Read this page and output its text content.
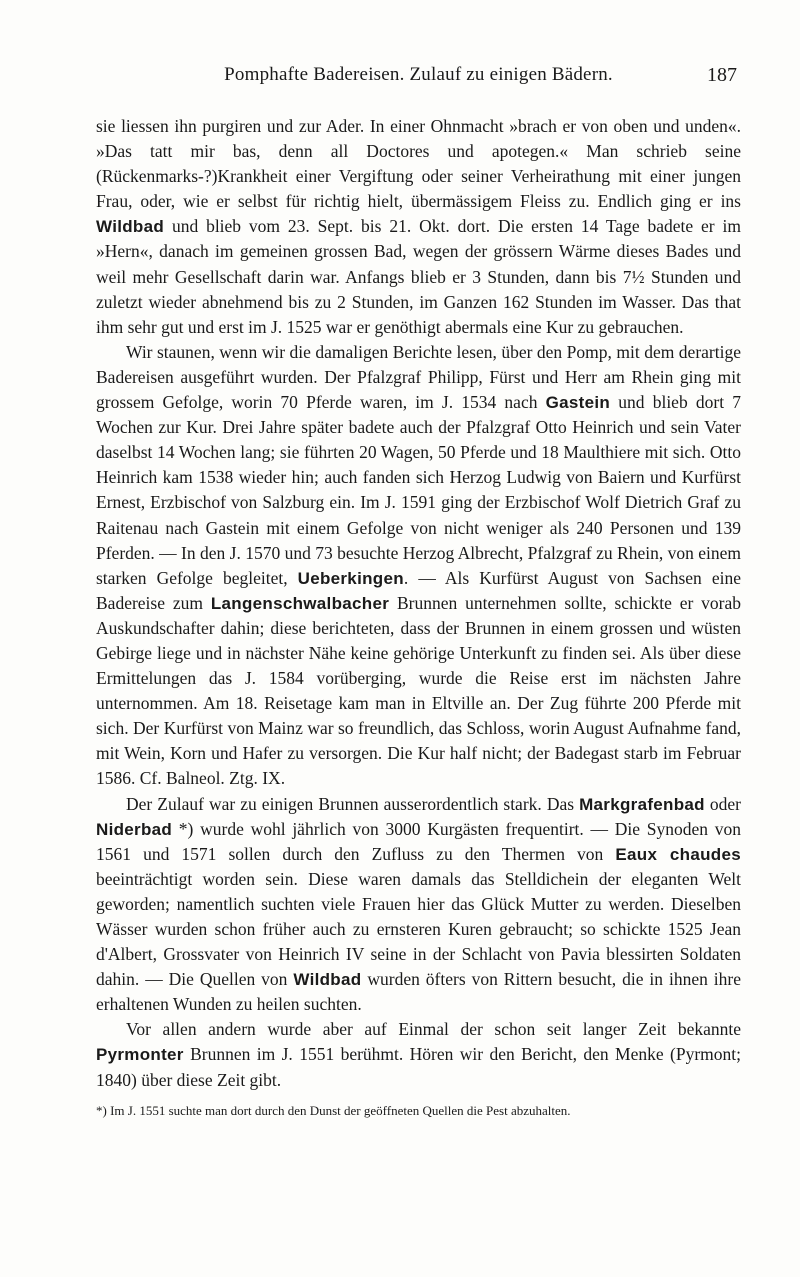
Pomphafte Badereisen. Zulauf zu einigen Bädern.	187

sie liessen ihn purgiren und zur Ader. In einer Ohnmacht »brach er von oben und unden«. »Das tatt mir bas, denn all Doctores und apotegen.« Man schrieb seine (Rückenmarks-?)Krankheit einer Vergiftung oder seiner Verheirathung mit einer jungen Frau, oder, wie er selbst für richtig hielt, übermässigem Fleiss zu. Endlich ging er ins Wildbad und blieb vom 23. Sept. bis 21. Okt. dort. Die ersten 14 Tage badete er im »Hern«, danach im gemeinen grossen Bad, wegen der grössern Wärme dieses Bades und weil mehr Gesellschaft darin war. Anfangs blieb er 3 Stunden, dann bis 7½ Stunden und zuletzt wieder abnehmend bis zu 2 Stunden, im Ganzen 162 Stunden im Wasser. Das that ihm sehr gut und erst im J. 1525 war er genöthigt abermals eine Kur zu gebrauchen.

Wir staunen, wenn wir die damaligen Berichte lesen, über den Pomp, mit dem derartige Badereisen ausgeführt wurden. Der Pfalzgraf Philipp, Fürst und Herr am Rhein ging mit grossem Gefolge, worin 70 Pferde waren, im J. 1534 nach Gastein und blieb dort 7 Wochen zur Kur. Drei Jahre später badete auch der Pfalzgraf Otto Heinrich und sein Vater daselbst 14 Wochen lang; sie führten 20 Wagen, 50 Pferde und 18 Maulthiere mit sich. Otto Heinrich kam 1538 wieder hin; auch fanden sich Herzog Ludwig von Baiern und Kurfürst Ernest, Erzbischof von Salzburg ein. Im J. 1591 ging der Erzbischof Wolf Dietrich Graf zu Raitenau nach Gastein mit einem Gefolge von nicht weniger als 240 Personen und 139 Pferden. — In den J. 1570 und 73 besuchte Herzog Albrecht, Pfalzgraf zu Rhein, von einem starken Gefolge begleitet, Ueberkingen. — Als Kurfürst August von Sachsen eine Badereise zum Langenschwalbacher Brunnen unternehmen sollte, schickte er vorab Auskundschafter dahin; diese berichteten, dass der Brunnen in einem grossen und wüsten Gebirge liege und in nächster Nähe keine gehörige Unterkunft zu finden sei. Als über diese Ermittelungen das J. 1584 vorüberging, wurde die Reise erst im nächsten Jahre unternommen. Am 18. Reisetage kam man in Eltville an. Der Zug führte 200 Pferde mit sich. Der Kurfürst von Mainz war so freundlich, das Schloss, worin August Aufnahme fand, mit Wein, Korn und Hafer zu versorgen. Die Kur half nicht; der Badegast starb im Februar 1586. Cf. Balneol. Ztg. IX.

Der Zulauf war zu einigen Brunnen ausserordentlich stark. Das Markgrafenbad oder Niderbad *) wurde wohl jährlich von 3000 Kurgästen frequentirt. — Die Synoden von 1561 und 1571 sollen durch den Zufluss zu den Thermen von Eaux chaudes beeinträchtigt worden sein. Diese waren damals das Stelldichein der eleganten Welt geworden; namentlich suchten viele Frauen hier das Glück Mutter zu werden. Dieselben Wässer wurden schon früher auch zu ernsteren Kuren gebraucht; so schickte 1525 Jean d'Albert, Grossvater von Heinrich IV seine in der Schlacht von Pavia blessirten Soldaten dahin. — Die Quellen von Wildbad wurden öfters von Rittern besucht, die in ihnen ihre erhaltenen Wunden zu heilen suchten.

Vor allen andern wurde aber auf Einmal der schon seit langer Zeit bekannte Pyrmonter Brunnen im J. 1551 berühmt. Hören wir den Bericht, den Menke (Pyrmont; 1840) über diese Zeit gibt.

*) Im J. 1551 suchte man dort durch den Dunst der geöffneten Quellen die Pest abzuhalten.
